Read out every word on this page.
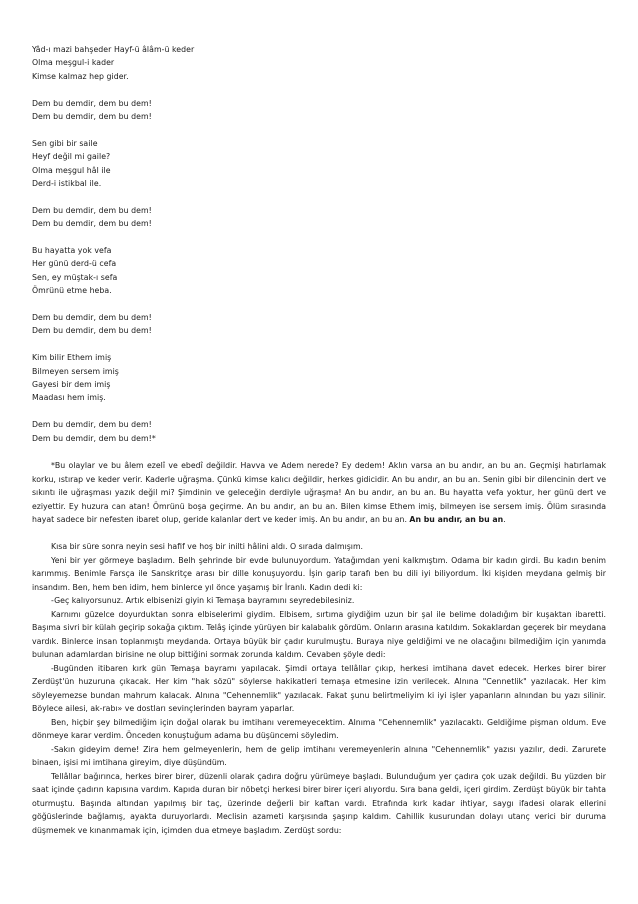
Yâd-ı mazi bahşeder Hayf-ü âlâm-ü keder
Olma meşgul-i kader
Kimse kalmaz hep gider.
Dem bu demdir, dem bu dem!
Dem bu demdir, dem bu dem!
Sen gibi bir saile
Heyf değil mi gaile?
Olma meşgul hâl ile
Derd-i istikbal ile.
Dem bu demdir, dem bu dem!
Dem bu demdir, dem bu dem!
Bu hayatta yok vefa
Her günü derd-ü cefa
Sen, ey müştak-ı sefa
Ömrünü etme heba.
Dem bu demdir, dem bu dem!
Dem bu demdir, dem bu dem!
Kim bilir Ethem imiş
Bilmeyen sersem imiş
Gayesi bir dem imiş
Maadası hem imiş.
Dem bu demdir, dem bu dem!
Dem bu demdir, dem bu dem!*

*Bu olaylar ve bu âlem ezelî ve ebedî değildir. Havva ve Adem nerede? Ey dedem! Aklın varsa an bu andır, an bu an. Geçmişi hatırlamak korku, ıstırap ve keder verir. Kaderle uğraşma. Çünkü kimse kalıcı değildir, herkes gidicidir. An bu andır, an bu an. Senin gibi bir dilencinin dert ve sıkıntı ile uğraşması yazık değil mi? Şimdinin ve geleceğin derdiyle uğraşma! An bu andır, an bu an. Bu hayatta vefa yoktur, her günü dert ve eziyettir. Ey huzura can atan! Ömrünü boşa geçirme. An bu andır, an bu an. Bilen kimse Ethem imiş, bilmeyen ise sersem imiş. Ölüm sırasında hayat sadece bir nefesten ibaret olup, geride kalanlar dert ve keder imiş. An bu andır, an bu an. An bu andır, an bu an.

Kısa bir süre sonra neyin sesi hafif ve hoş bir inilti hâlini aldı. O sırada dalmışım.

Yeni bir yer görmeye başladım. Belh şehrinde bir evde bulunuyordum. Yatağımdan yeni kalkmıştım. Odama bir kadın girdi. Bu kadın benim karımmış. Benimle Farsça ile Sanskritçe arası bir dille konuşuyordu. İşin garip tarafı ben bu dili iyi biliyordum. İki kişiden meydana gelmiş bir insandım. Ben, hem ben idim, hem binlerce yıl önce yaşamış bir İranlı. Kadın dedi ki:

-Geç kalıyorsunuz. Artık elbisenizi giyin ki Temaşa bayramını seyredebilesiniz.

Karnımı güzelce doyurduktan sonra elbiselerimi giydim. Elbisem, sırtıma giydiğim uzun bir şal ile belime doladığım bir kuşaktan ibaretti. Başıma sivri bir külah geçirip sokağa çıktım. Telâş içinde yürüyen bir kalabalık gördüm. Onların arasına katıldım. Sokaklardan geçerek bir meydana vardık. Binlerce insan toplanmıştı meydanda. Ortaya büyük bir çadır kurulmuştu. Buraya niye geldiğimi ve ne olacağını bilmediğim için yanımda bulunan adamlardan birisine ne olup bittiğini sormak zorunda kaldım. Cevaben şöyle dedi:

-Bugünden itibaren kırk gün Temaşa bayramı yapılacak. Şimdi ortaya tellâllar çıkıp, herkesi imtihana davet edecek. Herkes birer birer Zerdüşt'ün huzuruna çıkacak. Her kim "hak sözü" söylerse hakikatleri temaşa etmesine izin verilecek. Alnına "Cennetlik" yazılacak. Her kim söyleyemezse bundan mahrum kalacak. Alnına "Cehennemlik" yazılacak. Fakat şunu belirtmeliyim ki iyi işler yapanların alnından bu yazı silinir. Böylece ailesi, ak-rabı» ve dostları sevinçlerinden bayram yaparlar.

Ben, hiçbir şey bilmediğim için doğal olarak bu imtihanı veremeyecektim. Alnıma "Cehennemlik" yazılacaktı. Geldiğime pişman oldum. Eve dönmeye karar verdim. Önceden konuştuğum adama bu düşüncemi söyledim.

-Sakın gideyim deme! Zira hem gelmeyenlerin, hem de gelip imtihanı veremeyenlerin alnına "Cehennemlik" yazısı yazılır, dedi. Zarurete binaen, işisi mi imtihana gireyim, diye düşündüm.

Tellâllar bağırınca, herkes birer birer, düzenli olarak çadıra doğru yürümeye başladı. Bulunduğum yer çadıra çok uzak değildi. Bu yüzden bir saat içinde çadırın kapısına vardım. Kapıda duran bir nöbetçi herkesi birer birer içeri alıyordu. Sıra bana geldi, içeri girdim. Zerdüşt büyük bir tahta oturmuştu. Başında altından yapılmış bir taç, üzerinde değerli bir kaftan vardı. Etrafında kırk kadar ihtiyar, saygı ifadesi olarak ellerini göğüslerinde bağlamış, ayakta duruyorlardı. Meclisin azameti karşısında şaşırıp kaldım. Cahillik kusurundan dolayı utanç verici bir duruma düşmemek ve kınanmamak için, içimden dua etmeye başladım. Zerdüşt sordu:
